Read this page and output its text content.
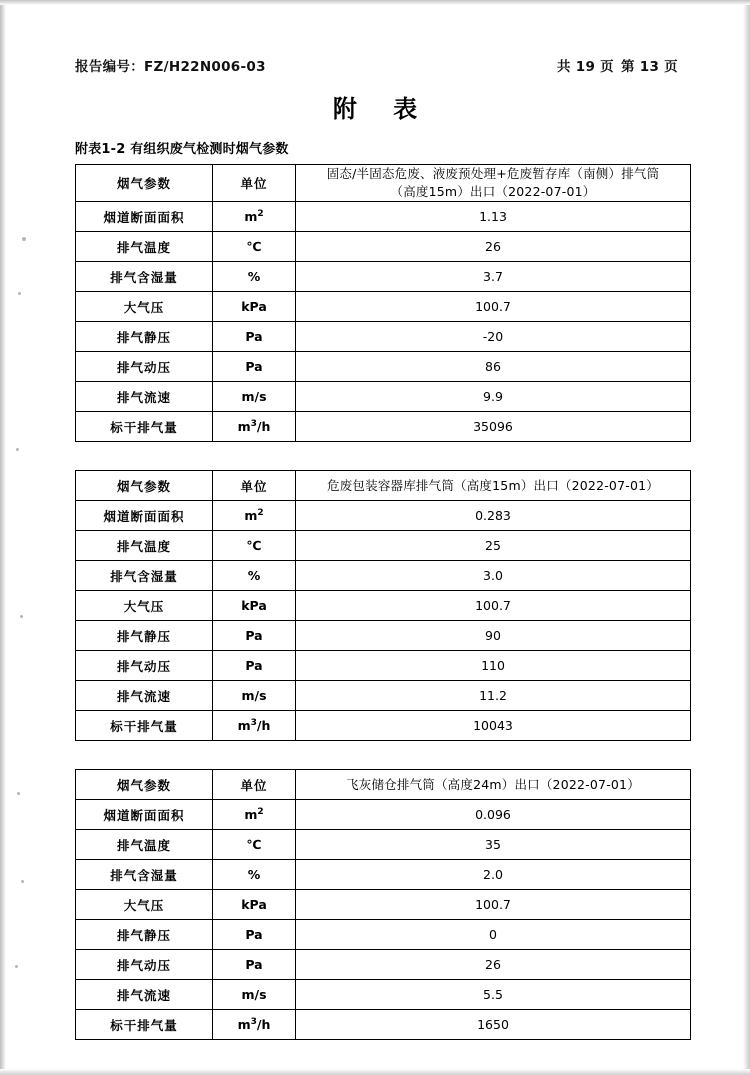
报告编号：FZ/H22N006-03	共 19 页 第 13 页
附 表
附表1-2 有组织废气检测时烟气参数
烟气参数	单位	固态/半固态危废、液废预处理+危废暂存库（南侧）排气筒
（高度15m）出口（2022-07-01）

烟道断面面积	$m^2$	1.13
排气温度	℃	26
排气含湿量	%	3.7
大气压	kPa	100.7
排气静压	Pa	-20
排气动压	Pa	86
排气流速	m/s	9.9
标干排气量	$m^3/h$	35096
烟气参数	单位	危废包装容器库排气筒（高度15m）出口（2022-07-01）
烟道断面面积	$m^2$	0.283
排气温度	℃	25
排气含湿量	%	3.0
大气压	kPa	100.7
排气静压	Pa	90
排气动压	Pa	110
排气流速	m/s	11.2
标干排气量	$m^3/h$	10043
烟气参数	单位	飞灰储仓排气筒（高度24m）出口（2022-07-01）
烟道断面面积	$m^2$	0.096
排气温度	℃	35
排气含湿量	%	2.0
大气压	kPa	100.7
排气静压	Pa	0
排气动压	Pa	26
排气流速	m/s	5.5
标干排气量	$m^3/h$	1650
